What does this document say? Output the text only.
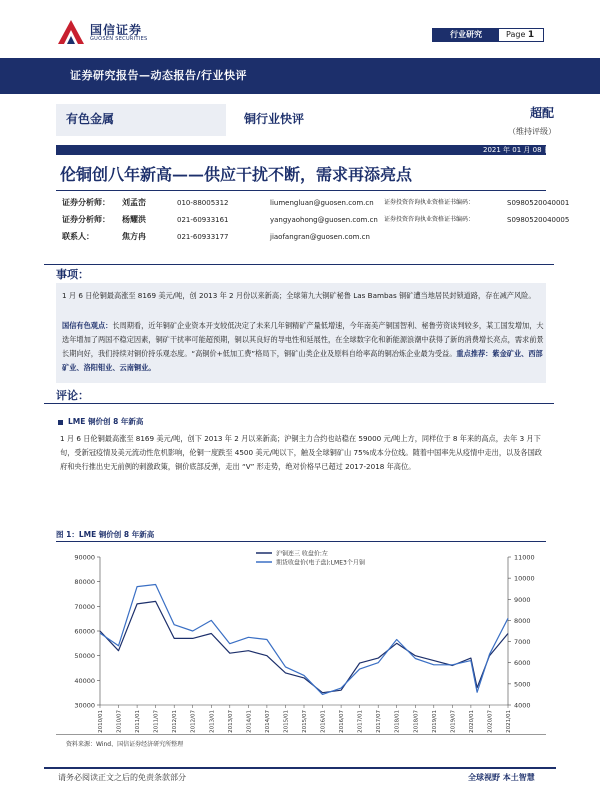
国信证券
GUOSEN SECURITIES	行业研究	Page 1
证券研究报告—动态报告/行业快评
有色金属	铜行业快评	超配
（维持评级）
2021 年 01 月 08 日
伦铜创八年新高——供应干扰不断，需求再添亮点
证券分析师： 刘孟峦	010-88005312	liumengluan@guosen.com.cn 证券投资咨询执业资格证书编码：	S0980520040001
证券分析师： 杨耀洪	021-60933161	yangyaohong@guosen.com.cn 证券投资咨询执业资格证书编码：	S0980520040005
联系人：	焦方冉	021-60933177	jiaofangran@guosen.com.cn
事项：
1 月 6 日伦铜最高涨至 8169 美元/吨，创 2013 年 2 月份以来新高；全球第九大铜矿秘鲁 Las Bambas 铜矿遭当地居民封锁道路，存在减产风险。
国信有色观点：长周期看，近年铜矿企业资本开支较低决定了未来几年铜精矿产量低增速，今年南美产铜国智利、秘鲁劳资谈判较多，某工国发增加，大选年增加了两国不稳定因素，铜矿干扰率可能超预期，铜以其良好的导电性和延展性，在全球数字化和新能源浪潮中获得了新的消费增长亮点，需求前景长期向好，我们持续对铜价持乐观态度。“高铜价+低加工费”格局下，铜矿山类企业及原料自给率高的铜冶炼企业最为受益。重点推荐：紫金矿业、西部矿业、洛阳钼业、云南铜业。
评论：
LME 铜价创 8 年新高
1 月 6 日伦铜最高涨至 8169 美元/吨，创下 2013 年 2 月以来新高；沪铜主力合约也站稳在 59000 元/吨上方，同样位于 8 年来的高点，去年 3 月下旬，受新冠疫情及美元流动性危机影响，伦铜一度跌至 4500 美元/吨以下，触及全球铜矿山 75%成本分位线。随着中国率先从疫情中走出，以及各国政府和央行推出史无前例的刺激政策，铜价底部反弹，走出 “V” 形走势，绝对价格早已超过 2017-2018 年高位。
图 1：LME 铜价创 8 年新高
30000
40000
50000
60000
70000
80000
90000
4000
5000
6000
7000
8000
9000
10000
11000
2010/01 2010/07 2011/01 2011/07 2012/01 2012/07 2013/01 2013/07 2014/01 2014/07 2015/01 2015/07 2016/01 2016/07 2017/01 2017/07 2018/01 2018/07 2019/01 2019/07 2020/01 2020/07 2021/01
沪铜连三 收盘价:左
期货收盘价(电子盘):LME3个月铜
资料来源：Wind、国信证券经济研究所整理
请务必阅读正文之后的免责条款部分	全球视野 本土智慧
